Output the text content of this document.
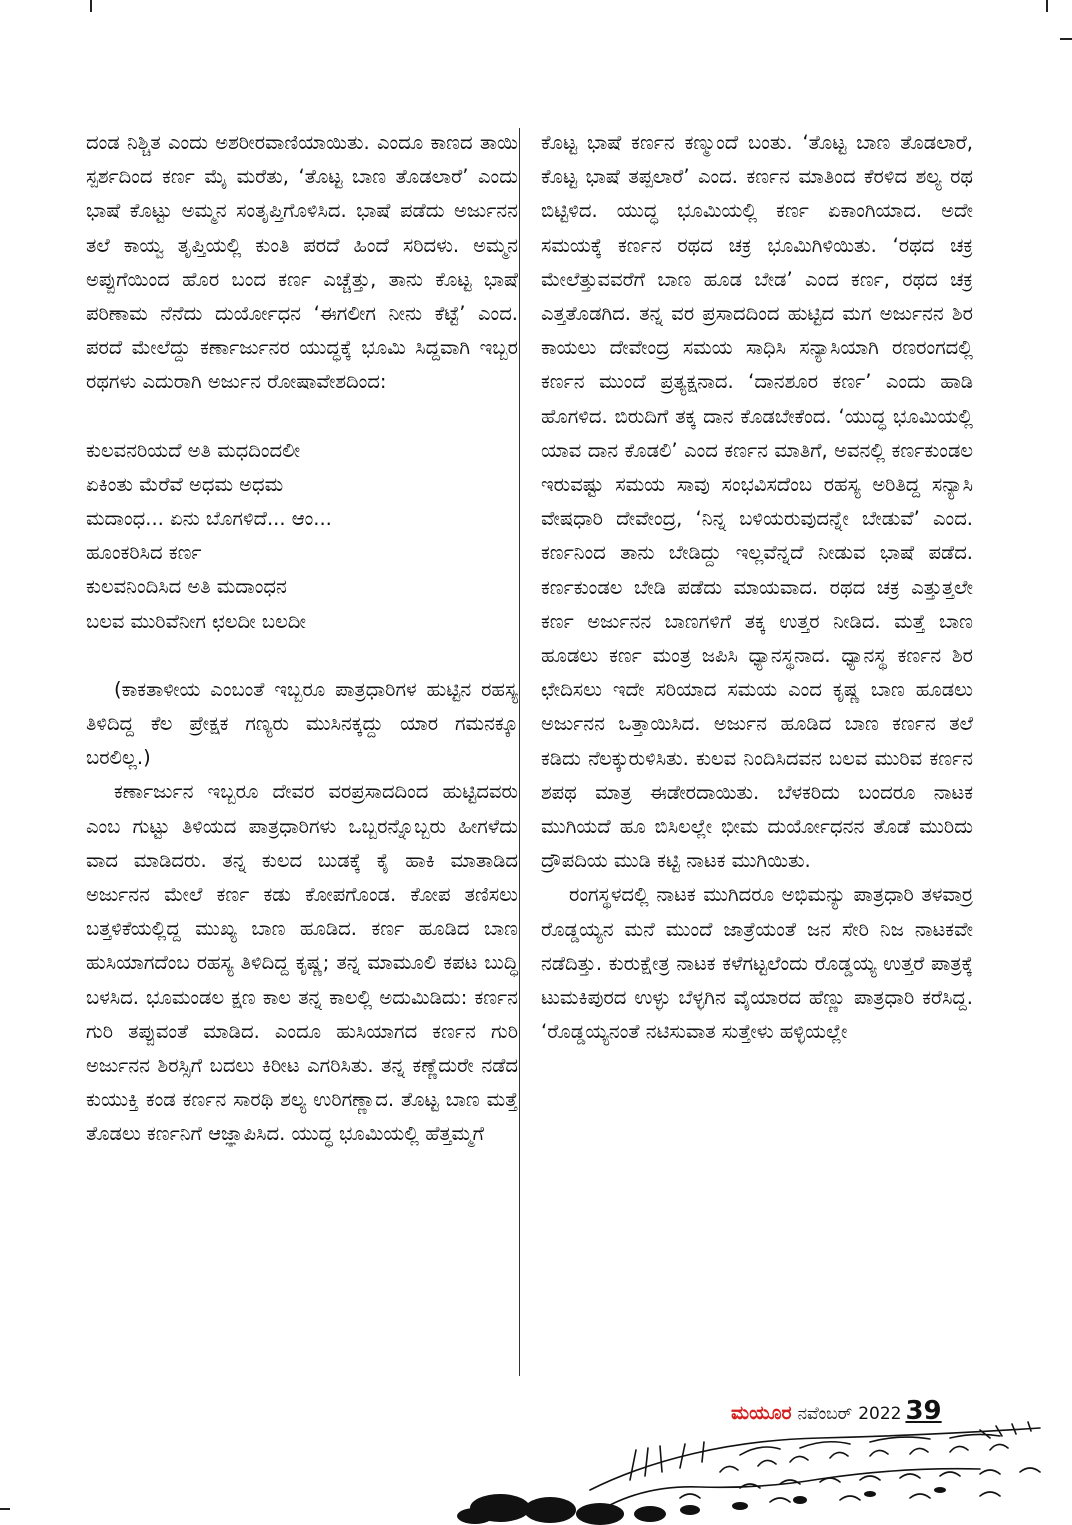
ದಂಡ ನಿಶ್ಚಿತ ಎಂದು ಅಶರೀರವಾಣಿಯಾಯಿತು. ಎಂದೂ ಕಾಣದ ತಾಯಿ ಸ್ಪರ್ಶದಿಂದ ಕರ್ಣ ಮೈ ಮರೆತು, ‘ತೊಟ್ಟ ಬಾಣ ತೊಡಲಾರೆ’ ಎಂದು ಭಾಷೆ ಕೊಟ್ಟು ಅಮ್ಮನ ಸಂತೃಪ್ತಿಗೊಳಿಸಿದ. ಭಾಷೆ ಪಡೆದು ಅರ್ಜುನನ ತಲೆ ಕಾಯ್ವ ತೃಪ್ತಿಯಲ್ಲಿ ಕುಂತಿ ಪರದೆ ಹಿಂದೆ ಸರಿದಳು. ಅಮ್ಮನ ಅಪ್ಪುಗೆಯಿಂದ ಹೊರ ಬಂದ ಕರ್ಣ ಎಚ್ಚೆತ್ತು, ತಾನು ಕೊಟ್ಟ ಭಾಷೆ ಪರಿಣಾಮ ನೆನೆದು ದುರ್ಯೋಧನ ‘ಈಗಲೀಗ ನೀನು ಕೆಟ್ಟೆ’ ಎಂದ. ಪರದೆ ಮೇಲೆದ್ದು ಕರ್ಣಾರ್ಜುನರ ಯುದ್ಧಕ್ಕೆ ಭೂಮಿ ಸಿದ್ದವಾಗಿ ಇಬ್ಬರ ರಥಗಳು ಎದುರಾಗಿ ಅರ್ಜುನ ರೋಷಾವೇಶದಿಂದ:

ಕುಲವನರಿಯದೆ ಅತಿ ಮಧದಿಂದಲೀ

ಏಕಿಂತು ಮೆರೆವೆ ಅಧಮ ಅಧಮ

ಮದಾಂಧ... ಏನು ಬೊಗಳಿದೆ... ಆಂ...

ಹೂಂಕರಿಸಿದ ಕರ್ಣ

ಕುಲವನಿಂದಿಸಿದ ಅತಿ ಮದಾಂಧನ

ಬಲವ ಮುರಿವೆನೀಗ ಛಲದೀ ಬಲದೀ

(ಕಾಕತಾಳೀಯ ಎಂಬಂತೆ ಇಬ್ಬರೂ ಪಾತ್ರಧಾರಿಗಳ ಹುಟ್ಟಿನ ರಹಸ್ಯ ತಿಳಿದಿದ್ದ ಕೆಲ ಪ್ರೇಕ್ಷಕ ಗಣ್ಯರು ಮುಸಿನಕ್ಕದ್ದು ಯಾರ ಗಮನಕ್ಕೂ ಬರಲಿಲ್ಲ.)

ಕರ್ಣಾರ್ಜುನ ಇಬ್ಬರೂ ದೇವರ ವರಪ್ರಸಾದದಿಂದ ಹುಟ್ಟಿದವರು ಎಂಬ ಗುಟ್ಟು ತಿಳಿಯದ ಪಾತ್ರಧಾರಿಗಳು ಒಬ್ಬರನ್ನೊಬ್ಬರು ಹೀಗಳೆದು ವಾದ ಮಾಡಿದರು. ತನ್ನ ಕುಲದ ಬುಡಕ್ಕೆ ಕೈ ಹಾಕಿ ಮಾತಾಡಿದ ಅರ್ಜುನನ ಮೇಲೆ ಕರ್ಣ ಕಡು ಕೋಪಗೊಂಡ. ಕೋಪ ತಣಿಸಲು ಬತ್ತಳಿಕೆಯಲ್ಲಿದ್ದ ಮುಖ್ಯ ಬಾಣ ಹೂಡಿದ. ಕರ್ಣ ಹೂಡಿದ ಬಾಣ ಹುಸಿಯಾಗದೆಂಬ ರಹಸ್ಯ ತಿಳಿದಿದ್ದ ಕೃಷ್ಣ; ತನ್ನ ಮಾಮೂಲಿ ಕಪಟ ಬುದ್ಧಿ ಬಳಸಿದ. ಭೂಮಂಡಲ ಕ್ಷಣ ಕಾಲ ತನ್ನ ಕಾಲಲ್ಲಿ ಅದುಮಿಡಿದು: ಕರ್ಣನ ಗುರಿ ತಪ್ಪುವಂತೆ ಮಾಡಿದ. ಎಂದೂ ಹುಸಿಯಾಗದ ಕರ್ಣನ ಗುರಿ ಅರ್ಜುನನ ಶಿರಸ್ಸಿಗೆ ಬದಲು ಕಿರೀಟ ಎಗರಿಸಿತು. ತನ್ನ ಕಣ್ಣೆದುರೇ ನಡೆದ ಕುಯುಕ್ತಿ ಕಂಡ ಕರ್ಣನ ಸಾರಥಿ ಶಲ್ಯ ಉರಿಗಣ್ಣಾದ. ತೊಟ್ಟ ಬಾಣ ಮತ್ತೆ ತೊಡಲು ಕರ್ಣನಿಗೆ ಆಜ್ಞಾಪಿಸಿದ. ಯುದ್ಧ ಭೂಮಿಯಲ್ಲಿ ಹೆತ್ತಮ್ಮಗೆ

ಕೊಟ್ಟ ಭಾಷೆ ಕರ್ಣನ ಕಣ್ಮುಂದೆ ಬಂತು. ‘ತೊಟ್ಟ ಬಾಣ ತೊಡಲಾರೆ, ಕೊಟ್ಟ ಭಾಷೆ ತಪ್ಪಲಾರೆ’ ಎಂದ. ಕರ್ಣನ ಮಾತಿಂದ ಕೆರಳಿದ ಶಲ್ಯ ರಥ ಬಿಟ್ಟಿಳಿದ. ಯುದ್ಧ ಭೂಮಿಯಲ್ಲಿ ಕರ್ಣ ಏಕಾಂಗಿಯಾದ. ಅದೇ ಸಮಯಕ್ಕೆ ಕರ್ಣನ ರಥದ ಚಕ್ರ ಭೂಮಿಗಿಳಿಯಿತು. ‘ರಥದ ಚಕ್ರ ಮೇಲೆತ್ತುವವರೆಗೆ ಬಾಣ ಹೂಡ ಬೇಡ’ ಎಂದ ಕರ್ಣ, ರಥದ ಚಕ್ರ ಎತ್ತತೊಡಗಿದ. ತನ್ನ ವರ ಪ್ರಸಾದದಿಂದ ಹುಟ್ಟಿದ ಮಗ ಅರ್ಜುನನ ಶಿರ ಕಾಯಲು ದೇವೇಂದ್ರ ಸಮಯ ಸಾಧಿಸಿ ಸನ್ಯಾಸಿಯಾಗಿ ರಣರಂಗದಲ್ಲಿ ಕರ್ಣನ ಮುಂದೆ ಪ್ರತ್ಯಕ್ಷನಾದ. ‘ದಾನಶೂರ ಕರ್ಣ’ ಎಂದು ಹಾಡಿ ಹೊಗಳಿದ. ಬಿರುದಿಗೆ ತಕ್ಕ ದಾನ ಕೊಡಬೇಕೆಂದ. ‘ಯುದ್ಧ ಭೂಮಿಯಲ್ಲಿ ಯಾವ ದಾನ ಕೊಡಲಿ’ ಎಂದ ಕರ್ಣನ ಮಾತಿಗೆ, ಅವನಲ್ಲಿ ಕರ್ಣಕುಂಡಲ ಇರುವಷ್ಟು ಸಮಯ ಸಾವು ಸಂಭವಿಸದೆಂಬ ರಹಸ್ಯ ಅರಿತಿದ್ದ ಸನ್ಯಾಸಿ ವೇಷಧಾರಿ ದೇವೇಂದ್ರ, ‘ನಿನ್ನ ಬಳಿಯರುವುದನ್ನೇ ಬೇಡುವೆ’ ಎಂದ. ಕರ್ಣನಿಂದ ತಾನು ಬೇಡಿದ್ದು ಇಲ್ಲವೆನ್ನದೆ ನೀಡುವ ಭಾಷೆ ಪಡೆದ. ಕರ್ಣಕುಂಡಲ ಬೇಡಿ ಪಡೆದು ಮಾಯವಾದ. ರಥದ ಚಕ್ರ ಎತ್ತುತ್ತಲೇ ಕರ್ಣ ಅರ್ಜುನನ ಬಾಣಗಳಿಗೆ ತಕ್ಕ ಉತ್ತರ ನೀಡಿದ. ಮತ್ತೆ ಬಾಣ ಹೂಡಲು ಕರ್ಣ ಮಂತ್ರ ಜಪಿಸಿ ಧ್ಯಾನಸ್ಥನಾದ. ಧ್ಯಾನಸ್ಥ ಕರ್ಣನ ಶಿರ ಛೇದಿಸಲು ಇದೇ ಸರಿಯಾದ ಸಮಯ ಎಂದ ಕೃಷ್ಣ ಬಾಣ ಹೂಡಲು ಅರ್ಜುನನ ಒತ್ತಾಯಿಸಿದ. ಅರ್ಜುನ ಹೂಡಿದ ಬಾಣ ಕರ್ಣನ ತಲೆ ಕಡಿದು ನೆಲಕ್ಕುರುಳಿಸಿತು. ಕುಲವ ನಿಂದಿಸಿದವನ ಬಲವ ಮುರಿವ ಕರ್ಣನ ಶಪಥ ಮಾತ್ರ ಈಡೇರದಾಯಿತು. ಬೆಳಕರಿದು ಬಂದರೂ ನಾಟಕ ಮುಗಿಯದೆ ಹೂ ಬಿಸಿಲಲ್ಲೇ ಭೀಮ ದುರ್ಯೋಧನನ ತೊಡೆ ಮುರಿದು ದ್ರೌಪದಿಯ ಮುಡಿ ಕಟ್ಟಿ ನಾಟಕ ಮುಗಿಯಿತು.

ರಂಗಸ್ಥಳದಲ್ಲಿ ನಾಟಕ ಮುಗಿದರೂ ಅಭಿಮನ್ಯು ಪಾತ್ರಧಾರಿ ತಳವಾರ್ರ ರೊಡ್ಡಯ್ಯನ ಮನೆ ಮುಂದೆ ಜಾತ್ರೆಯಂತೆ ಜನ ಸೇರಿ ನಿಜ ನಾಟಕವೇ ನಡೆದಿತ್ತು. ಕುರುಕ್ಷೇತ್ರ ನಾಟಕ ಕಳೆಗಟ್ಟಲೆಂದು ರೊಡ್ಡಯ್ಯ ಉತ್ತರೆ ಪಾತ್ರಕ್ಕೆ ಟುಮಕಿಪುರದ ಉಳ್ಳು ಬೆಳ್ಳಗಿನ ವೈಯಾರದ ಹೆಣ್ಣು ಪಾತ್ರಧಾರಿ ಕರೆಸಿದ್ದ. ‘ರೊಡ್ಡಯ್ಯನಂತೆ ನಟಿಸುವಾತ ಸುತ್ತೇಳು ಹಳ್ಳಿಯಲ್ಲೇ

ಮಯೂರ ನವೆಂಬರ್ 2022 39
